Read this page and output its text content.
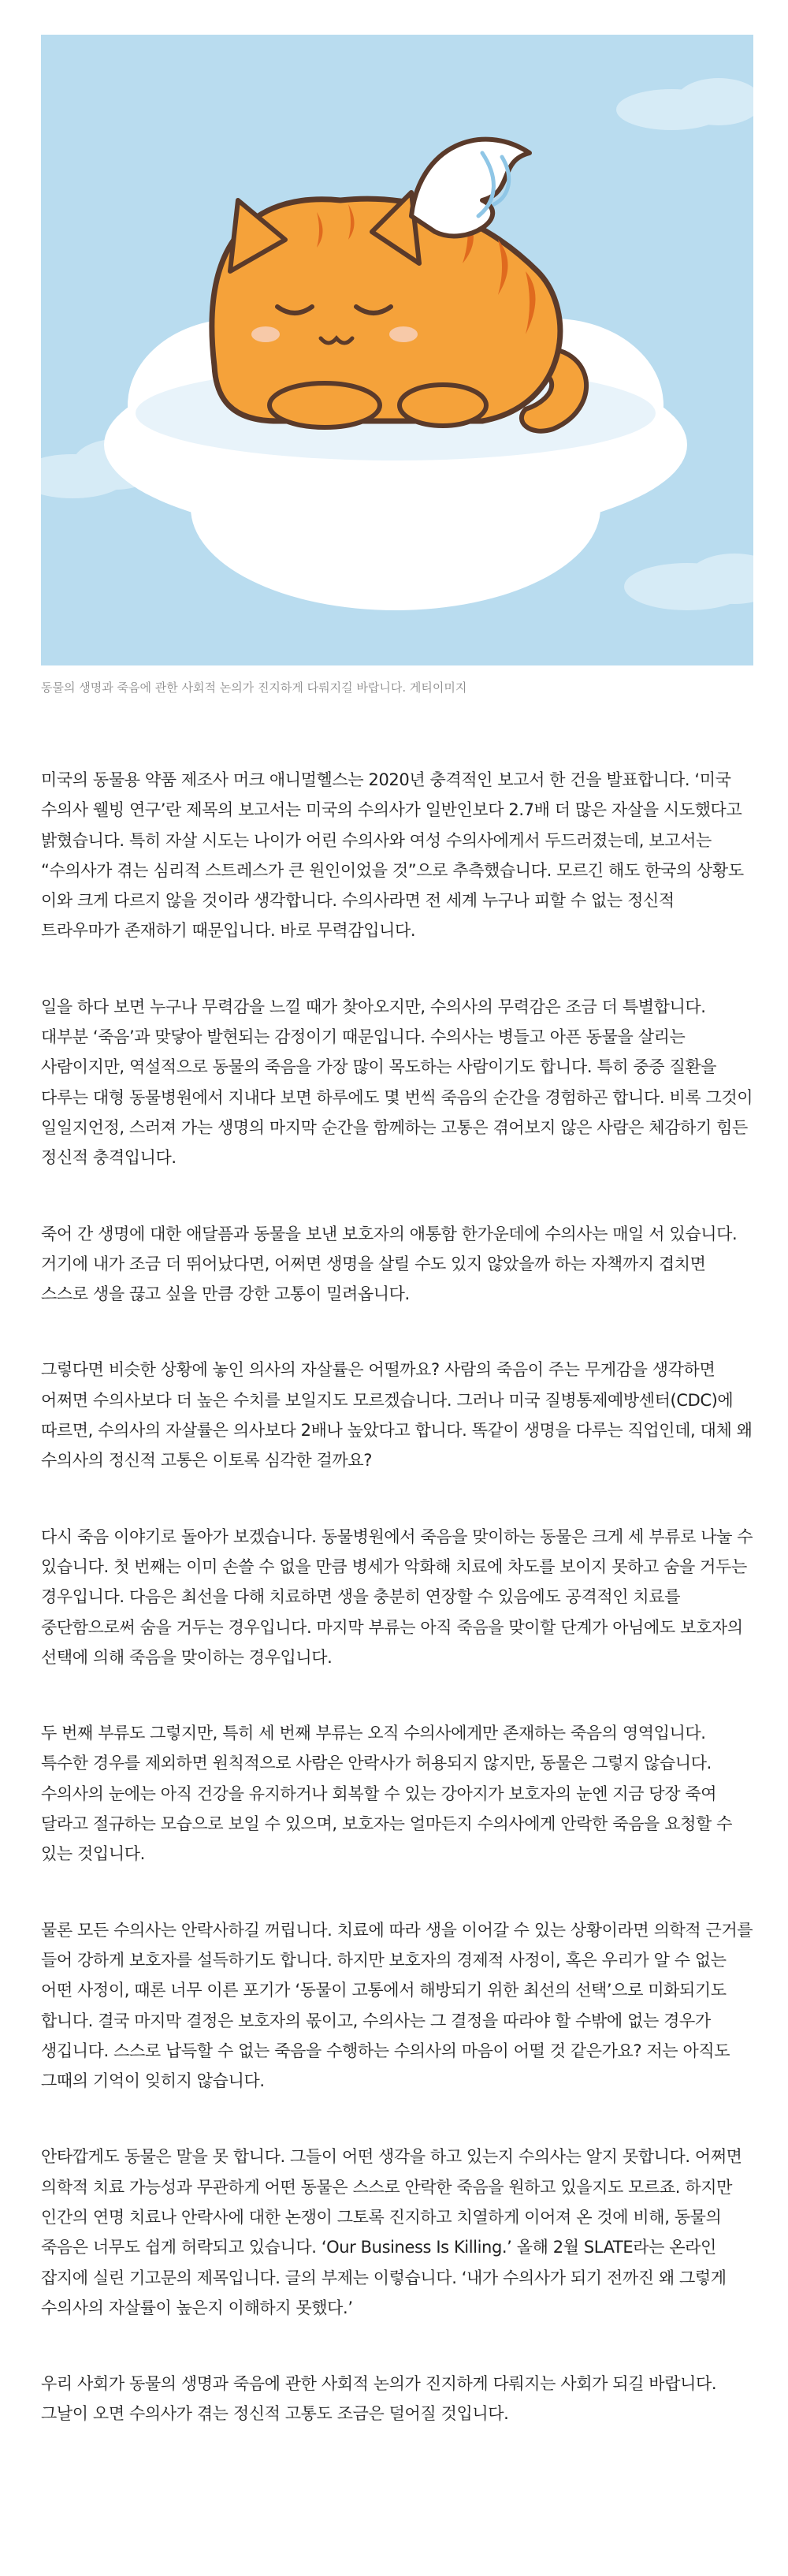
동물의 생명과 죽음에 관한 사회적 논의가 진지하게 다뤄지길 바랍니다. 게티이미지

미국의 동물용 약품 제조사 머크 애니멀헬스는 2020년 충격적인 보고서 한 건을 발표합니다. ‘미국 수의사 웰빙 연구’란 제목의 보고서는 미국의 수의사가 일반인보다 2.7배 더 많은 자살을 시도했다고 밝혔습니다. 특히 자살 시도는 나이가 어린 수의사와 여성 수의사에게서 두드러졌는데, 보고서는 “수의사가 겪는 심리적 스트레스가 큰 원인이었을 것”으로 추측했습니다. 모르긴 해도 한국의 상황도 이와 크게 다르지 않을 것이라 생각합니다. 수의사라면 전 세계 누구나 피할 수 없는 정신적 트라우마가 존재하기 때문입니다. 바로 무력감입니다.

일을 하다 보면 누구나 무력감을 느낄 때가 찾아오지만, 수의사의 무력감은 조금 더 특별합니다. 대부분 ‘죽음’과 맞닿아 발현되는 감정이기 때문입니다. 수의사는 병들고 아픈 동물을 살리는 사람이지만, 역설적으로 동물의 죽음을 가장 많이 목도하는 사람이기도 합니다. 특히 중증 질환을 다루는 대형 동물병원에서 지내다 보면 하루에도 몇 번씩 죽음의 순간을 경험하곤 합니다. 비록 그것이 일일지언정, 스러져 가는 생명의 마지막 순간을 함께하는 고통은 겪어보지 않은 사람은 체감하기 힘든 정신적 충격입니다.

죽어 간 생명에 대한 애달픔과 동물을 보낸 보호자의 애통함 한가운데에 수의사는 매일 서 있습니다. 거기에 내가 조금 더 뛰어났다면, 어쩌면 생명을 살릴 수도 있지 않았을까 하는 자책까지 겹치면 스스로 생을 끊고 싶을 만큼 강한 고통이 밀려옵니다.

그렇다면 비슷한 상황에 놓인 의사의 자살률은 어떨까요? 사람의 죽음이 주는 무게감을 생각하면 어쩌면 수의사보다 더 높은 수치를 보일지도 모르겠습니다. 그러나 미국 질병통제예방센터(CDC)에 따르면, 수의사의 자살률은 의사보다 2배나 높았다고 합니다. 똑같이 생명을 다루는 직업인데, 대체 왜 수의사의 정신적 고통은 이토록 심각한 걸까요?

다시 죽음 이야기로 돌아가 보겠습니다. 동물병원에서 죽음을 맞이하는 동물은 크게 세 부류로 나눌 수 있습니다. 첫 번째는 이미 손쓸 수 없을 만큼 병세가 악화해 치료에 차도를 보이지 못하고 숨을 거두는 경우입니다. 다음은 최선을 다해 치료하면 생을 충분히 연장할 수 있음에도 공격적인 치료를 중단함으로써 숨을 거두는 경우입니다. 마지막 부류는 아직 죽음을 맞이할 단계가 아님에도 보호자의 선택에 의해 죽음을 맞이하는 경우입니다.

두 번째 부류도 그렇지만, 특히 세 번째 부류는 오직 수의사에게만 존재하는 죽음의 영역입니다. 특수한 경우를 제외하면 원칙적으로 사람은 안락사가 허용되지 않지만, 동물은 그렇지 않습니다. 수의사의 눈에는 아직 건강을 유지하거나 회복할 수 있는 강아지가 보호자의 눈엔 지금 당장 죽여 달라고 절규하는 모습으로 보일 수 있으며, 보호자는 얼마든지 수의사에게 안락한 죽음을 요청할 수 있는 것입니다.

물론 모든 수의사는 안락사하길 꺼립니다. 치료에 따라 생을 이어갈 수 있는 상황이라면 의학적 근거를 들어 강하게 보호자를 설득하기도 합니다. 하지만 보호자의 경제적 사정이, 혹은 우리가 알 수 없는 어떤 사정이, 때론 너무 이른 포기가 ‘동물이 고통에서 해방되기 위한 최선의 선택’으로 미화되기도 합니다. 결국 마지막 결정은 보호자의 몫이고, 수의사는 그 결정을 따라야 할 수밖에 없는 경우가 생깁니다. 스스로 납득할 수 없는 죽음을 수행하는 수의사의 마음이 어떨 것 같은가요? 저는 아직도 그때의 기억이 잊히지 않습니다.

안타깝게도 동물은 말을 못 합니다. 그들이 어떤 생각을 하고 있는지 수의사는 알지 못합니다. 어쩌면 의학적 치료 가능성과 무관하게 어떤 동물은 스스로 안락한 죽음을 원하고 있을지도 모르죠. 하지만 인간의 연명 치료나 안락사에 대한 논쟁이 그토록 진지하고 치열하게 이어져 온 것에 비해, 동물의 죽음은 너무도 쉽게 허락되고 있습니다. ‘Our Business Is Killing.’ 올해 2월 SLATE라는 온라인 잡지에 실린 기고문의 제목입니다. 글의 부제는 이렇습니다. ‘내가 수의사가 되기 전까진 왜 그렇게 수의사의 자살률이 높은지 이해하지 못했다.’

우리 사회가 동물의 생명과 죽음에 관한 사회적 논의가 진지하게 다뤄지는 사회가 되길 바랍니다. 그날이 오면 수의사가 겪는 정신적 고통도 조금은 덜어질 것입니다.
